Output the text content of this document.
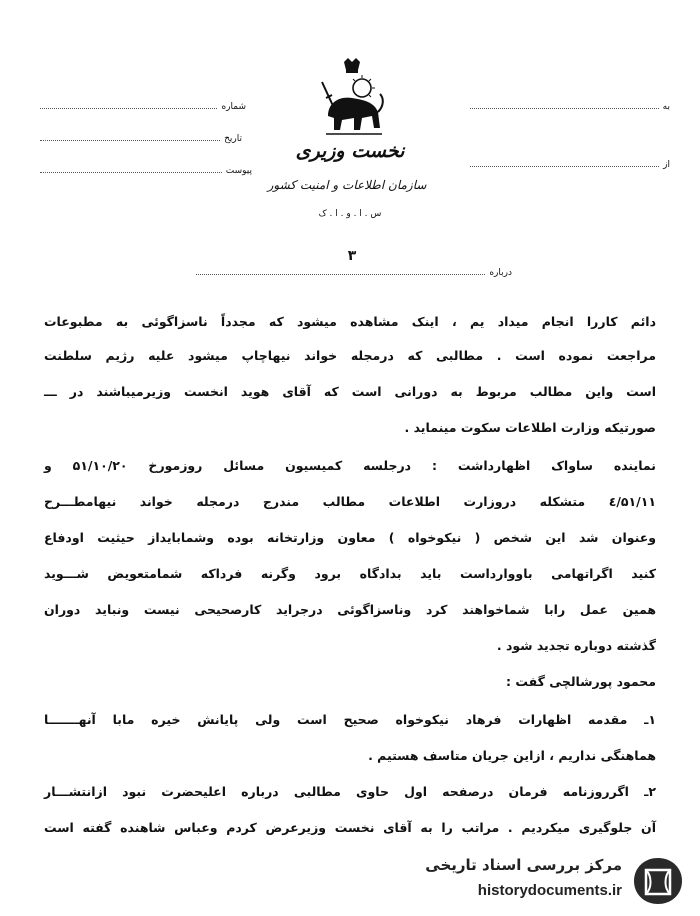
به
از
شماره
تاریخ
پیوست
نخست وزیری
سازمان اطلاعات و امنیت کشور
س . ا . و . ا . ک
۳
درباره
دائم کاررا انجام میداد یم ، اینک مشاهده میشود که مجدداً ناسزاگوئی به مطبوعات
مراجعت نموده است . مطالبی که درمجله خواند نیهاچاپ میشود علیه رژیم سلطنت
است واین مطالب مربوط به دورانی است که آقای هوید انخست وزیرمیباشند در ـــ
صورتیکه وزارت اطلاعات سکوت مینماید .
نماینده ساواک اظهارداشت : درجلسه کمیسیون مسائل روزمورخ ۵۱/۱۰/۲۰ و
۵۱/۱۱/٤ متشکله دروزارت اطلاعات مطالب مندرج درمجله خواند نیهامطـــرح
وعنوان شد این شخص ( نیکوخواه ) معاون وزارتخانه بوده وشمابایداز حیثیت اودفاع
کنید اگراتهامی باووارداست باید بدادگاه برود وگرنه فرداکه شمامتعویض شـــوید
همین عمل رابا شماخواهند کرد وناسزاگوئی درجراید کارصحیحی نیست ونباید دوران
گذشته دوباره تجدید شود .
محمود پورشالچی گفت :
۱ـ مقدمه اظهارات فرهاد نیکوخواه صحیح است ولی پایانش خیره مابا آنهـــــــا
هماهنگی نداریم ، ازاین جریان متاسف هستیم .
۲ـ اگرروزنامه فرمان درصفحه اول حاوی مطالبی درباره اعلیحضرت نبود ازانتشـــار
آن جلوگیری میکردیم . مراتب را به آقای نخست وزیرعرض کردم وعباس شاهنده گفته است
مرکز بررسی اسناد تاریخی
historydocuments.ir
